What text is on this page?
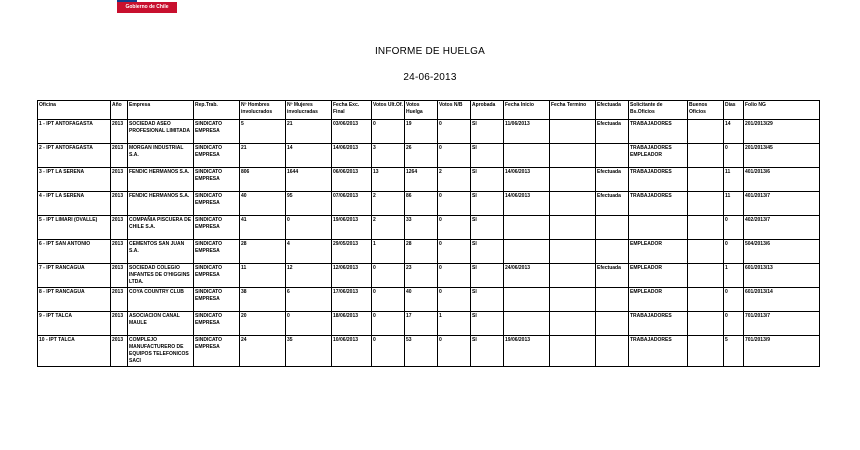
Gobierno de Chile
INFORME DE HUELGA
24-06-2013
Oficina	Año	Empresa	Rep.Trab.	Nº Hombres involucrados	Nº Mujeres involucradas	Fecha Exc. Final	Votos Ult.Of.	Votos Huelga	Votos N/B	Aprobada	Fecha Inicio	Fecha Termino	Efectuada	Solicitante de Bs.Oficios	Buenos Oficios	Días	Folio NG
1 - IPT ANTOFAGASTA	2013	SOCIEDAD ASEO PROFESIONAL LIMITADA	SINDICATO EMPRESA	5	21	03/06/2013	0	19	0	SI	11/06/2013		Efectuada	TRABAJADORES		14	201/2013/29
2 - IPT ANTOFAGASTA	2013	MORGAN INDUSTRIAL S.A.	SINDICATO EMPRESA	21	14	14/06/2013	3	26	0	SI				TRABAJADORES EMPLEADOR		0	201/2013/45
3 - IPT LA SERENA	2013	FENDIC HERMANOS S.A.	SINDICATO EMPRESA	806	1644	06/06/2013	13	1264	2	SI	14/06/2013		Efectuada	TRABAJADORES		11	401/2013/6
4 - IPT LA SERENA	2013	FENDIC HERMANOS S.A.	SINDICATO EMPRESA	40	95	07/06/2013	2	86	0	SI	14/06/2013		Efectuada	TRABAJADORES		11	401/2013/7
5 - IPT LIMARI (OVALLE)	2013	COMPAÑIA PISCUERA DE CHILE S.A.	SINDICATO EMPRESA	41	0	19/06/2013	2	33	0	SI						0	402/2013/7
6 - IPT SAN ANTONIO	2013	CEMENTOS SAN JUAN S.A.	SINDICATO EMPRESA	28	4	29/05/2013	1	28	0	SI				EMPLEADOR		0	504/2013/6
7 - IPT RANCAGUA	2013	SOCIEDAD COLEGIO INFANTES DE O'HIGGINS LTDA.	SINDICATO EMPRESA	11	12	12/06/2013	0	23	0	SI	24/06/2013		Efectuada	EMPLEADOR		1	601/2013/13
8 - IPT RANCAGUA	2013	COYA COUNTRY CLUB	SINDICATO EMPRESA	38	6	17/06/2013	0	40	0	SI				EMPLEADOR		0	601/2013/14
9 - IPT TALCA	2013	ASOCIACION CANAL MAULE	SINDICATO EMPRESA	20	0	18/06/2013	0	17	1	SI				TRABAJADORES		0	701/2013/7
10 - IPT TALCA	2013	COMPLEJO MANUFACTURERO DE EQUIPOS TELEFONICOS SACI	SINDICATO EMPRESA	24	35	10/06/2013	0	53	0	SI	19/06/2013			TRABAJADORES		5	701/2013/9
